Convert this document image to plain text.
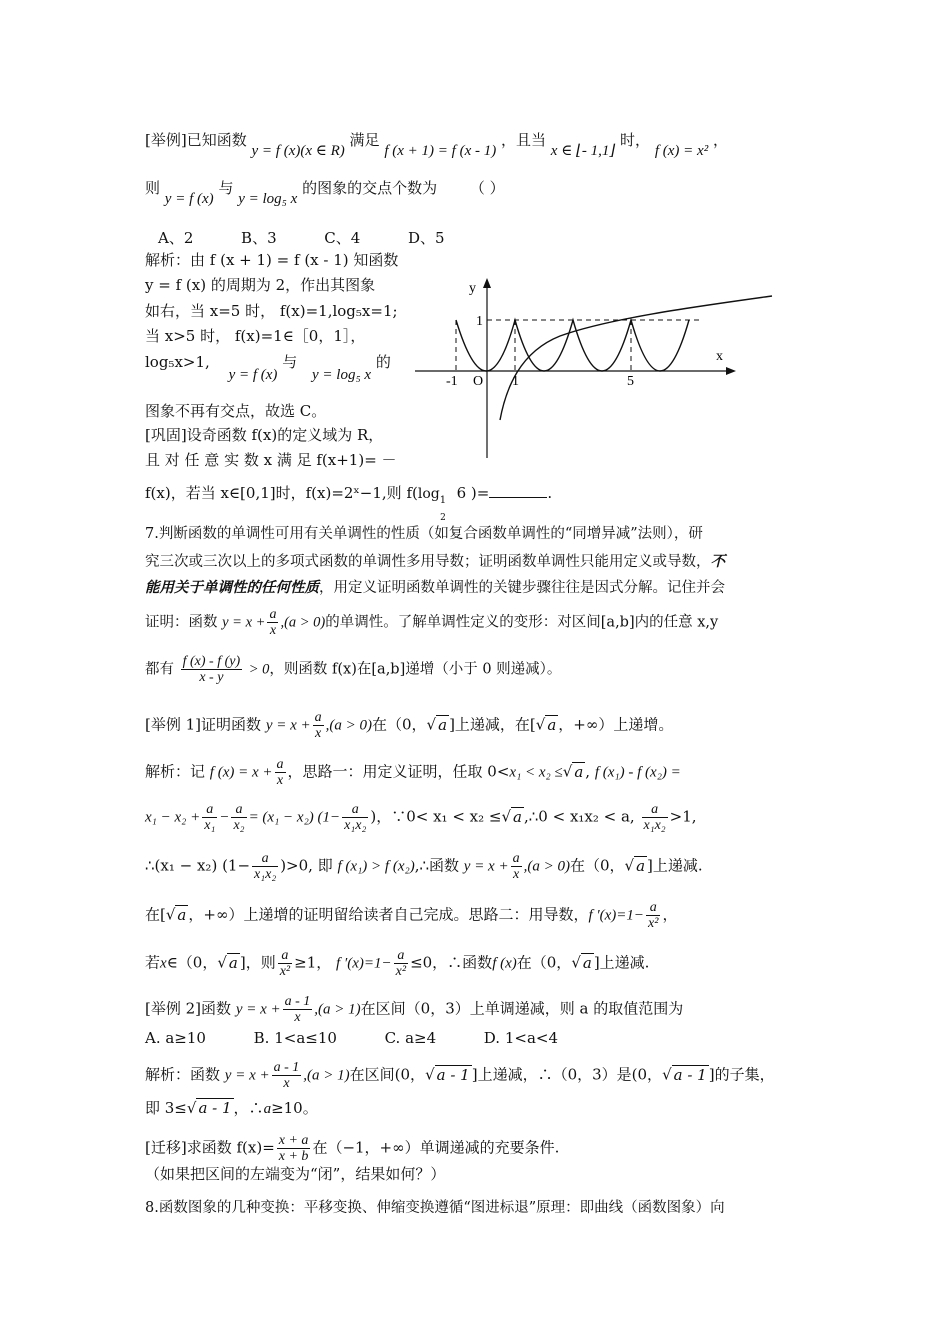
[举例]已知函数 y = f (x)(x ∈ R) 满足 f (x + 1) = f (x - 1) ，且当 x ∈ ⌊- 1,1⌋ 时， f (x) = x² ，
则 y = f (x) 与 y = log₅ x 的图象的交点个数为 （ ）
A、2          B、3          C、4          D、5
解析：由 f (x + 1) = f (x - 1) 知函数
y = f (x) 的周期为 2，作出其图象
如右，当 x=5 时， f(x)=1,log₅x=1;
当 x>5 时， f(x)=1∈［0，1］，
log₅x>1, y = f (x) 与 y = log₅ x 的
图象不再有交点，故选 C。
[巩固]设奇函数 f(x)的定义域为 R，
且 对 任 意 实 数 x 满 足 f(x+1)= －
f(x)，若当 x∈[0,1]时，f(x)=2ˣ−1,则 $f(\log_{12}$ 6 )=	.
y
x
1
-1 O 1	5
7.判断函数的单调性可用有关单调性的性质（如复合函数单调性的“同增异减”法则），研
究三次或三次以上的多项式函数的单调性多用导数；证明函数单调性只能用定义或导数，不
能用关于单调性的任何性质，用定义证明函数单调性的关键步骤往往是因式分解。记住并会
证明：函数 $y = x + \frac{a}{x} ,(a > 0)$的单调性。了解单调性定义的变形：对区间[a,b]内的任意 x,y
都有 $\frac{f (x) - f (y)}{x - y} > 0$，则函数 f(x)在[a,b]递增（小于 0 则递减）。
[举例 1]证明函数 $y = x + \frac{a}{x} ,(a > 0)$在（0，√ a ]上递减，在[√ a ，+∞）上递增。
解析：记 f $(x) = x + \frac{a}{x}$ ，思路一：用定义证明，任取 0<x₁ < x₂ ≤√ a , f (x₁) - f (x₂) =
$x_1 - x_2 + \frac{a}{\text{x₁}} - \frac{a}{\text{x₂}} = (x_1 - x_2)$ ($1- \frac{a}{\text{x₁x₂}}$ )，∵0< x₁ < x₂ ≤√ a ,∴0 < x₁x₂ < a, $\frac{a}{\text{x₁x₂}} >1$,
∴(x₁ − x₂) $(1- \frac{a}{\text{x₁x₂}} )>0$, 即 f (x₁) > f (x₂),∴函数 $y = x + \frac{a}{x} ,(a > 0)$在（0，√ a ]上递减.
在[√ a ，+∞）上递增的证明留给读者自己完成。思路二：用导数，f $'(x)=1- \frac{a}{\text{x²}}$ ，
若x∈（0，√ a ]，则 $\frac{a}{\text{x²}} \ge 1$， f $'(x)=1- \frac{a}{\text{x²}} \le 0$，∴函数f (x)在（0，√ a ]上递减.
[举例 2]函数 $y = x + \frac{a - 1}{x} ,(a > 1)$在区间（0，3）上单调递减，则 a 的取值范围为
A. a≥10          B. 1<a≤10          C. a≥4          D. 1<a<4
解析：函数 $y = x + \frac{a - 1}{x} ,(a > 1)$在区间(0，√ a - 1 ]上递减，∴（0，3）是(0，√ a - 1 ]的子集，
即 3≤√ a - 1 ，∴a≥10。
[迁移]求函数 $f(x)= \frac{x + a}{x + b}$ 在（−1，+∞）单调递减的充要条件.
（如果把区间的左端变为“闭”，结果如何？）
8.函数图象的几种变换：平移变换、伸缩变换遵循“图进标退”原理：即曲线（函数图象）向
